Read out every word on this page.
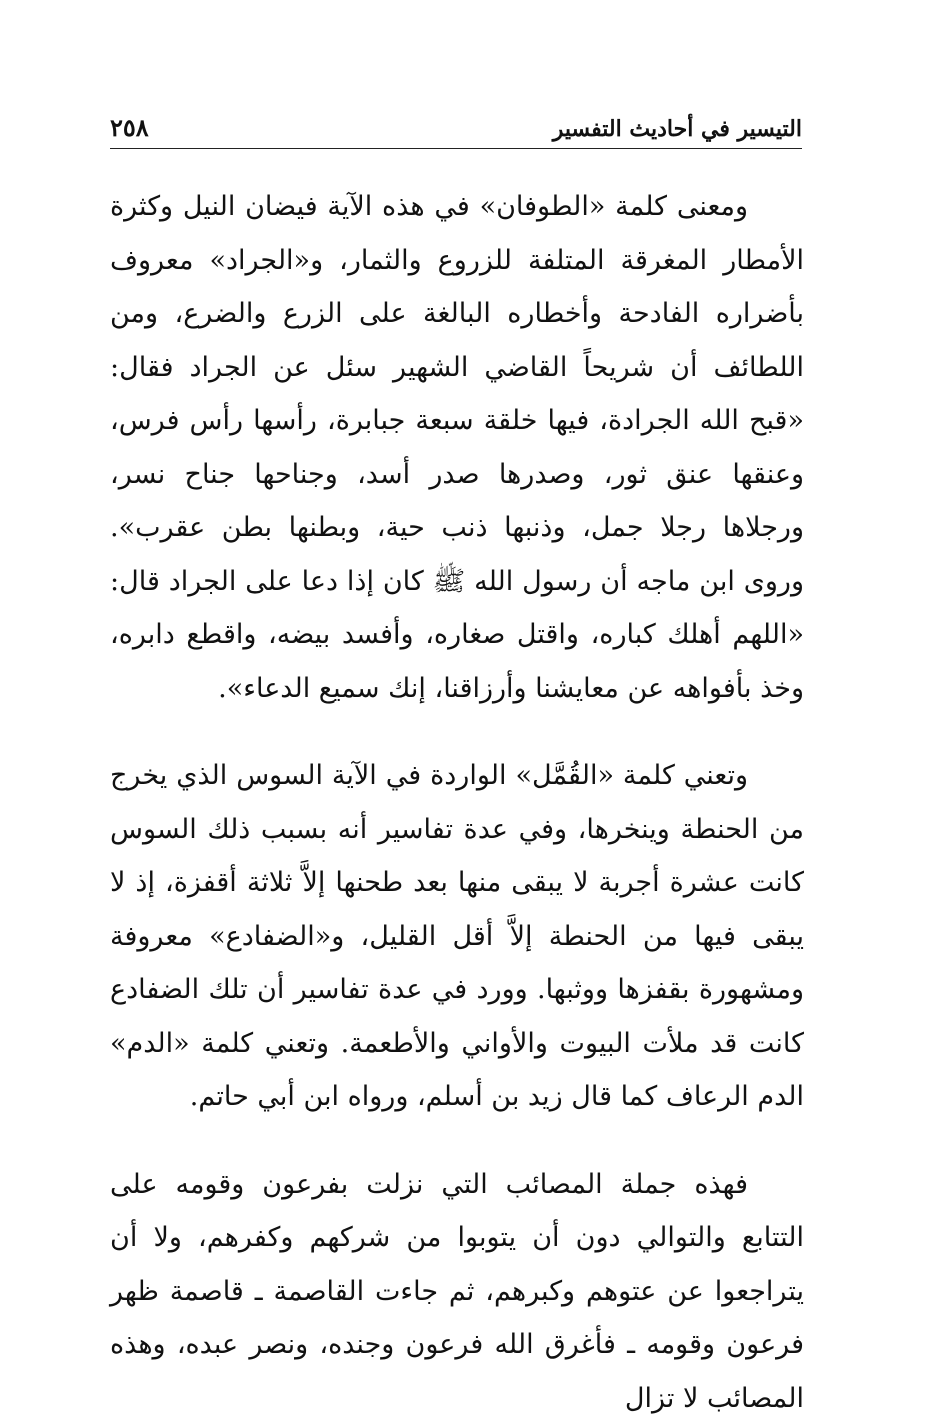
التيسير في أحاديث التفسير
٢٥٨

ومعنى كلمة «الطوفان» في هذه الآية فيضان النيل وكثرة الأمطار المغرقة المتلفة للزروع والثمار، و«الجراد» معروف بأضراره الفادحة وأخطاره البالغة على الزرع والضرع، ومن اللطائف أن شريحاً القاضي الشهير سئل عن الجراد فقال: «قبح الله الجرادة، فيها خلقة سبعة جبابرة، رأسها رأس فرس، وعنقها عنق ثور، وصدرها صدر أسد، وجناحها جناح نسر، ورجلاها رجلا جمل، وذنبها ذنب حية، وبطنها بطن عقرب». وروى ابن ماجه أن رسول الله ﷺ كان إذا دعا على الجراد قال: «اللهم أهلك كباره، واقتل صغاره، وأفسد بيضه، واقطع دابره، وخذ بأفواهه عن معايشنا وأرزاقنا، إنك سميع الدعاء».

وتعني كلمة «القُمَّل» الواردة في الآية السوس الذي يخرج من الحنطة وينخرها، وفي عدة تفاسير أنه بسبب ذلك السوس كانت عشرة أجربة لا يبقى منها بعد طحنها إلاَّ ثلاثة أقفزة، إذ لا يبقى فيها من الحنطة إلاَّ أقل القليل، و«الضفادع» معروفة ومشهورة بقفزها ووثبها. وورد في عدة تفاسير أن تلك الضفادع كانت قد ملأت البيوت والأواني والأطعمة. وتعني كلمة «الدم» الدم الرعاف كما قال زيد بن أسلم، ورواه ابن أبي حاتم.

فهذه جملة المصائب التي نزلت بفرعون وقومه على التتابع والتوالي دون أن يتوبوا من شركهم وكفرهم، ولا أن يتراجعوا عن عتوهم وكبرهم، ثم جاءت القاصمة ـ قاصمة ظهر فرعون وقومه ـ فأغرق الله فرعون وجنده، ونصر عبده، وهذه المصائب لا تزال
